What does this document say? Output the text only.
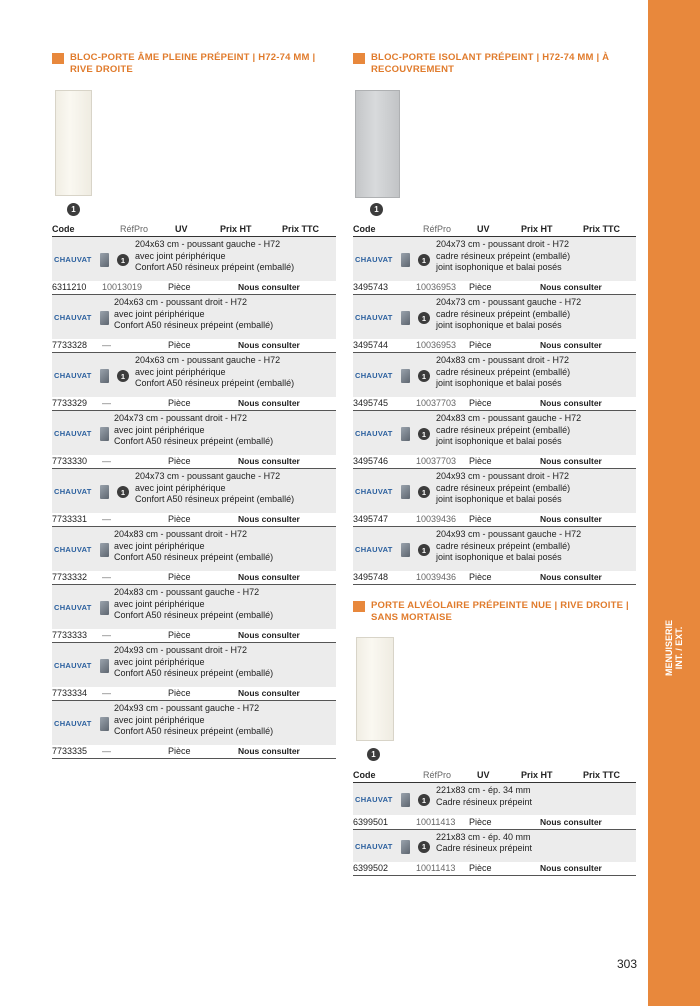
MENUISERIE INT. / EXT.
BLOC-PORTE ÂME PLEINE PRÉPEINT | H72-74 MM |
RIVE DROITE
1
BLOC-PORTE ISOLANT PRÉPEINT | H72-74 MM | À
RECOUVREMENT
1
PORTE ALVÉOLAIRE PRÉPEINTE NUE | RIVE DROITE |
SANS MORTAISE
1
Code	RéfPro	UV	Prix HT	Prix TTC
CHAUVAT	1
204x63 cm - poussant gauche - H72
avec joint périphérique
Confort A50 résineux prépeint (emballé)
6311210 10013019	Pièce	Nous consulter
CHAUVAT
204x63 cm - poussant droit - H72
avec joint périphérique
Confort A50 résineux prépeint (emballé)
7733328 —	Pièce	Nous consulter
CHAUVAT	1
204x63 cm - poussant gauche - H72
avec joint périphérique
Confort A50 résineux prépeint (emballé)
7733329 —	Pièce	Nous consulter
CHAUVAT
204x73 cm - poussant droit - H72
avec joint périphérique
Confort A50 résineux prépeint (emballé)
7733330 —	Pièce	Nous consulter
CHAUVAT	1
204x73 cm - poussant gauche - H72
avec joint périphérique
Confort A50 résineux prépeint (emballé)
7733331 —	Pièce	Nous consulter
CHAUVAT
204x83 cm - poussant droit - H72
avec joint périphérique
Confort A50 résineux prépeint (emballé)
7733332 —	Pièce	Nous consulter
CHAUVAT
204x83 cm - poussant gauche - H72
avec joint périphérique
Confort A50 résineux prépeint (emballé)
7733333 —	Pièce	Nous consulter
CHAUVAT
204x93 cm - poussant droit - H72
avec joint périphérique
Confort A50 résineux prépeint (emballé)
7733334 —	Pièce	Nous consulter
CHAUVAT
204x93 cm - poussant gauche - H72
avec joint périphérique
Confort A50 résineux prépeint (emballé)
7733335 —	Pièce	Nous consulter
Code	RéfPro	UV	Prix HT	Prix TTC
CHAUVAT	1
204x73 cm - poussant droit - H72
cadre résineux prépeint (emballé)
joint isophonique et balai posés
3495743	10036953 Pièce	Nous consulter
CHAUVAT	1
204x73 cm - poussant gauche - H72
cadre résineux prépeint (emballé)
joint isophonique et balai posés
3495744	10036953 Pièce	Nous consulter
CHAUVAT	1
204x83 cm - poussant droit - H72
cadre résineux prépeint (emballé)
joint isophonique et balai posés
3495745	10037703 Pièce	Nous consulter
CHAUVAT	1
204x83 cm - poussant gauche - H72
cadre résineux prépeint (emballé)
joint isophonique et balai posés
3495746	10037703 Pièce	Nous consulter
CHAUVAT	1
204x93 cm - poussant droit - H72
cadre résineux prépeint (emballé)
joint isophonique et balai posés
3495747	10039436 Pièce	Nous consulter
CHAUVAT	1
204x93 cm - poussant gauche - H72
cadre résineux prépeint (emballé)
joint isophonique et balai posés
3495748	10039436 Pièce	Nous consulter
Code	RéfPro	UV	Prix HT	Prix TTC
CHAUVAT	1
221x83 cm - ép. 34 mm
Cadre résineux prépeint
6399501	10011413 Pièce	Nous consulter
CHAUVAT	1
221x83 cm - ép. 40 mm
Cadre résineux prépeint
6399502	10011413 Pièce	Nous consulter
303
